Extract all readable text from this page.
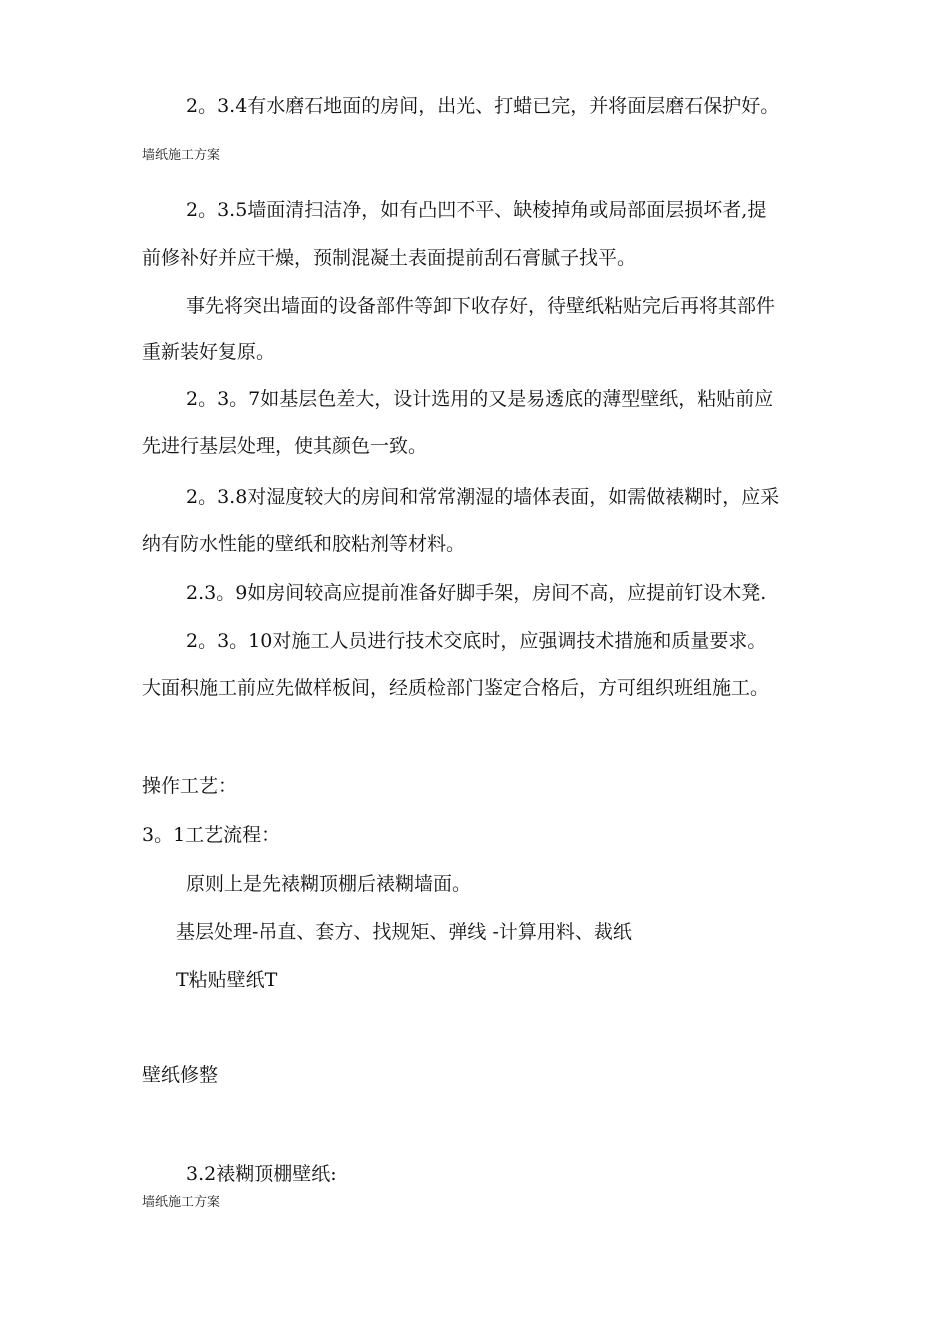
2。3.4有水磨石地面的房间，出光、打蜡已完，并将面层磨石保护好。
墙纸施工方案
2。3.5墙面清扫洁净，如有凸凹不平、缺棱掉角或局部面层损坏者,提
前修补好并应干燥，预制混凝土表面提前刮石膏腻子找平。
事先将突出墙面的设备部件等卸下收存好，待壁纸粘贴完后再将其部件
重新装好复原。
2。3。7如基层色差大，设计选用的又是易透底的薄型壁纸，粘贴前应
先进行基层处理，使其颜色一致。
2。3.8对湿度较大的房间和常常潮湿的墙体表面，如需做裱糊时，应采
纳有防水性能的壁纸和胶粘剂等材料。
2.3。9如房间较高应提前准备好脚手架，房间不高，应提前钉设木凳.
2。3。10对施工人员进行技术交底时，应强调技术措施和质量要求。
大面积施工前应先做样板间，经质检部门鉴定合格后，方可组织班组施工。
操作工艺：
3。1工艺流程：
原则上是先裱糊顶棚后裱糊墙面。
基层处理-吊直、套方、找规矩、弹线 -计算用料、裁纸
T粘贴壁纸T
壁纸修整
3.2裱糊顶棚壁纸:
墙纸施工方案
